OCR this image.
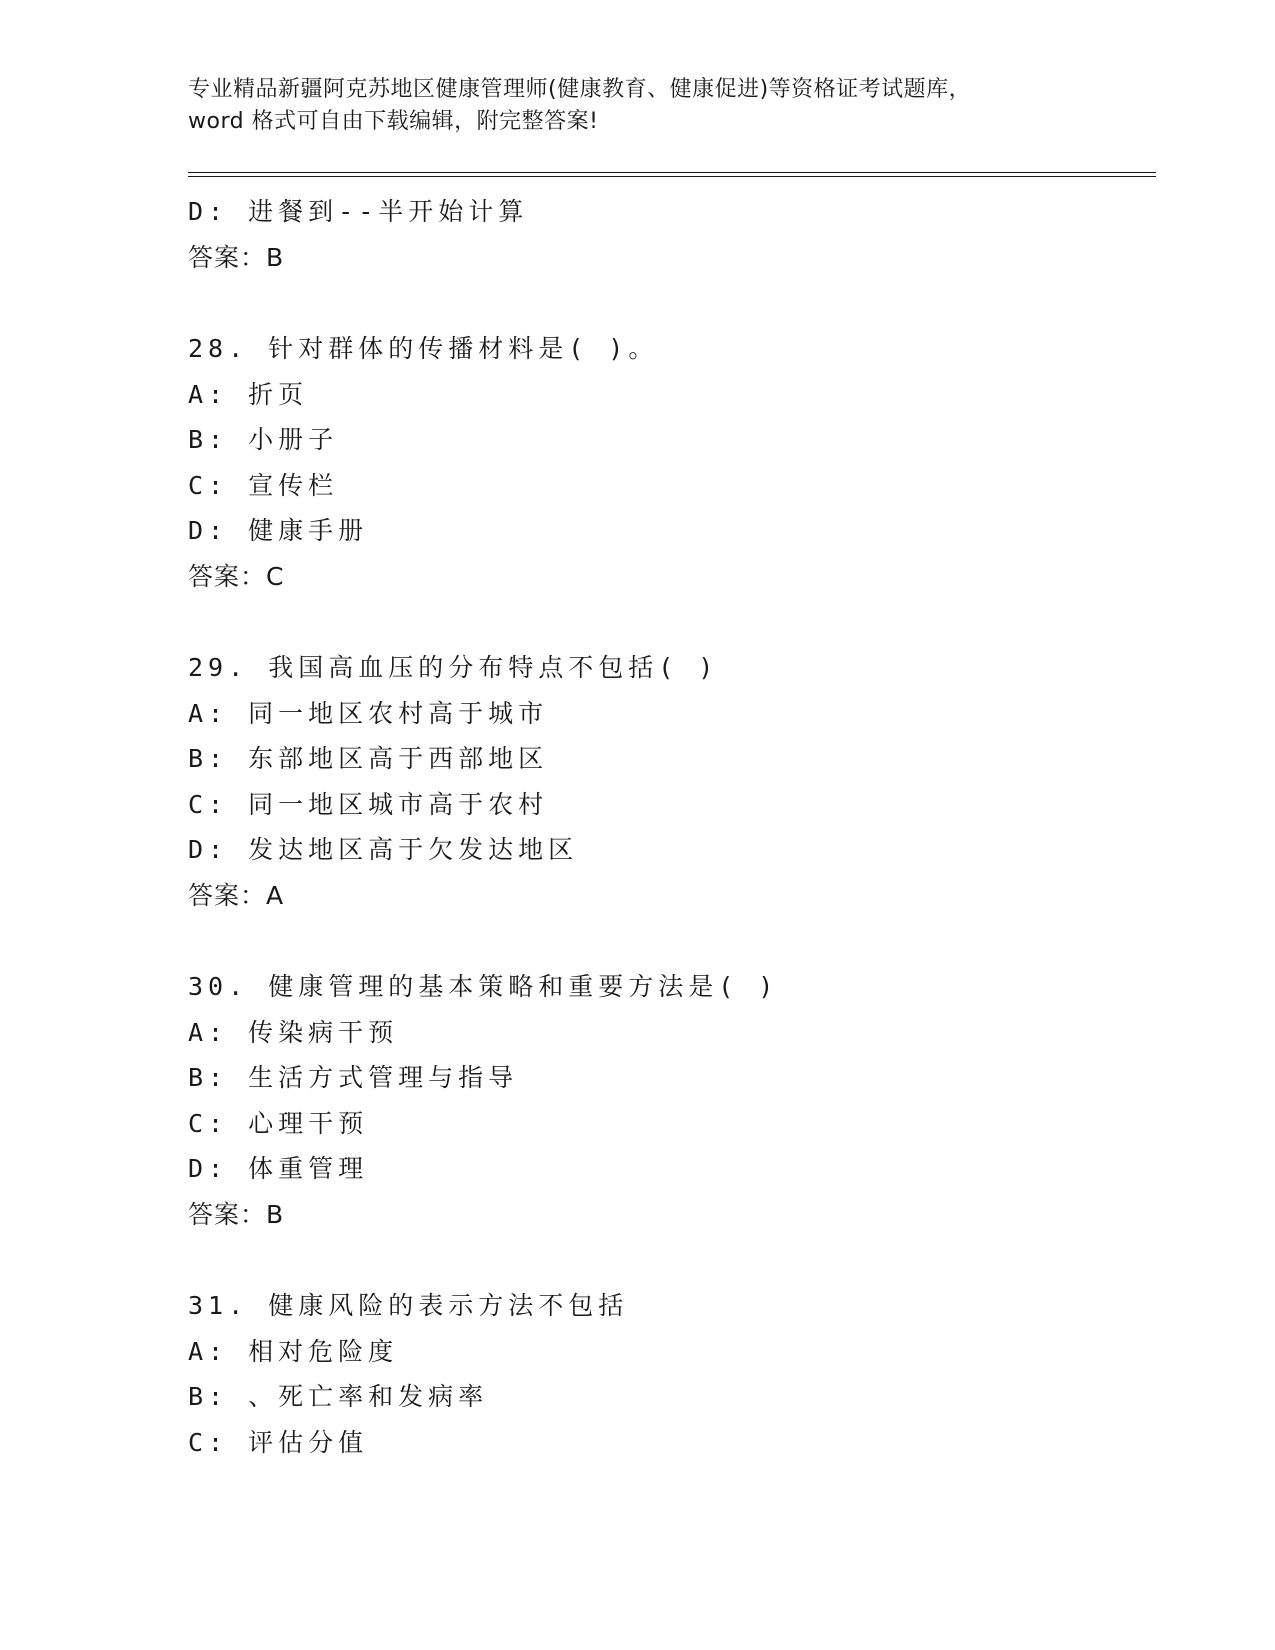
专业精品新疆阿克苏地区健康管理师(健康教育、健康促进)等资格证考试题库，
word 格式可自由下载编辑，附完整答案!
D: 进餐到--半开始计算
答案：B
28. 针对群体的传播材料是( )。
A: 折页
B: 小册子
C: 宣传栏
D: 健康手册
答案：C
29. 我国高血压的分布特点不包括( )
A: 同一地区农村高于城市
B: 东部地区高于西部地区
C: 同一地区城市高于农村
D: 发达地区高于欠发达地区
答案：A
30. 健康管理的基本策略和重要方法是( )
A: 传染病干预
B: 生活方式管理与指导
C: 心理干预
D: 体重管理
答案：B
31. 健康风险的表示方法不包括
A: 相对危险度
B: 、死亡率和发病率
C: 评估分值
